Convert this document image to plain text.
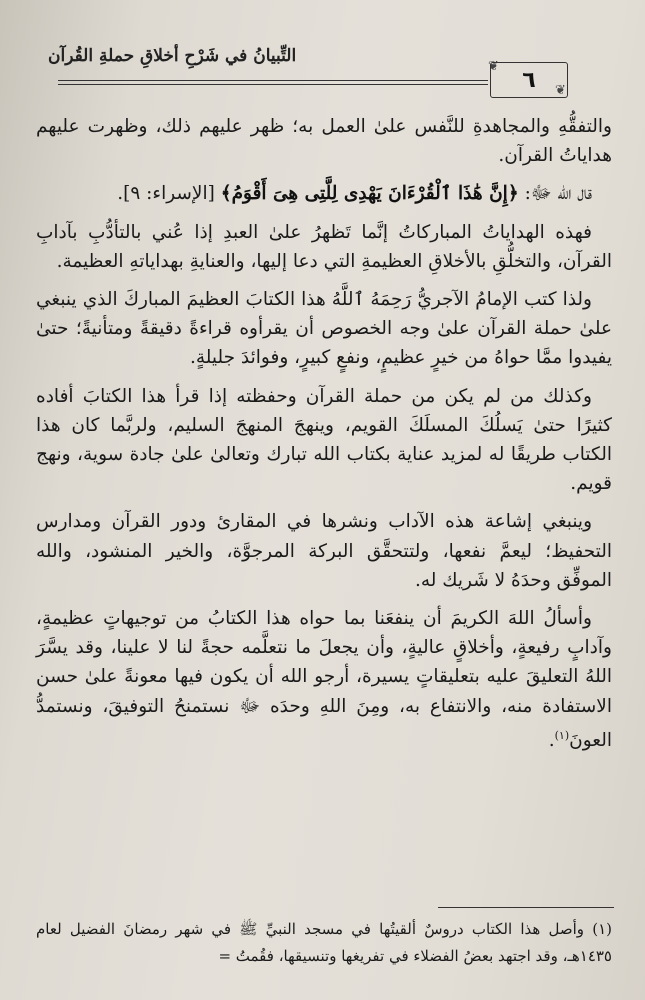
التِّبيانُ في شَرْحِ أخلاقِ حملةِ القُرآن
❦
٦ ❦

والتفقُّهِ والمجاهدةِ للنَّفس علىٰ العمل به؛ ظهر عليهم ذلك، وظهرت عليهم هداياتُ القرآن.

قال الله ﷻ: ﴿إِنَّ هَٰذَا ٱلْقُرْءَانَ يَهْدِى لِلَّتِى هِىَ أَقْوَمُ﴾ [الإسراء: ٩].

فهذه الهداياتُ المباركاتُ إنَّما تَظهرُ علىٰ العبدِ إذا عُني بالتأدُّبِ بآدابِ القرآن، والتخلُّقِ بالأخلاقِ العظيمةِ التي دعا إليها، والعنايةِ بهداياتهِ العظيمة.

ولذا كتب الإمامُ الآجريُّ رَحِمَهُ ٱللَّهُ هذا الكتابَ العظيمَ المباركَ الذي ينبغي علىٰ حملة القرآن علىٰ وجه الخصوص أن يقرأوه قراءةً دقيقةً ومتأنيةً؛ حتىٰ يفيدوا ممَّا حواهُ من خيرٍ عظيمٍ، ونفعٍ كبيرٍ، وفوائدَ جليلةٍ.

وكذلك من لم يكن من حملة القرآن وحفظته إذا قرأ هذا الكتابَ أفاده كثيرًا حتىٰ يَسلُكَ المسلَكَ القويم، وينهجَ المنهجَ السليم، ولربَّما كان هذا الكتاب طريقًا له لمزيد عناية بكتاب الله تبارك وتعالىٰ علىٰ جادة سوية، ونهج قويم.

وينبغي إشاعة هذه الآداب ونشرها في المقارئ ودور القرآن ومدارس التحفيظ؛ ليعمَّ نفعها، ولتتحقَّق البركة المرجوَّة، والخير المنشود، والله الموفِّق وحدَهُ لا شَريك له.

وأسألُ اللهَ الكريمَ أن ينفعَنا بما حواه هذا الكتابُ من توجيهاتٍ عظيمةٍ، وآدابٍ رفيعةٍ، وأخلاقٍ عاليةٍ، وأن يجعلَ ما نتعلَّمه حجةً لنا لا علينا، وقد يسَّرَ اللهُ التعليقَ عليه بتعليقاتٍ يسيرة، أرجو الله أن يكون فيها معونةً علىٰ حسن الاستفادة منه، والانتفاع به، ومِنَ اللهِ وحدَه ﷻ نستمنحُ التوفيقَ، ونستمدُّ العونَ$^{(١)}$.

(١) وأصل هذا الكتاب دروسٌ ألقيتُها في مسجد النبيِّ ﷺ في شهر رمضانَ الفضيل لعام ١٤٣٥هـ، وقد اجتهد بعضُ الفضلاء في تفريغها وتنسيقها، فقُمتُ =
